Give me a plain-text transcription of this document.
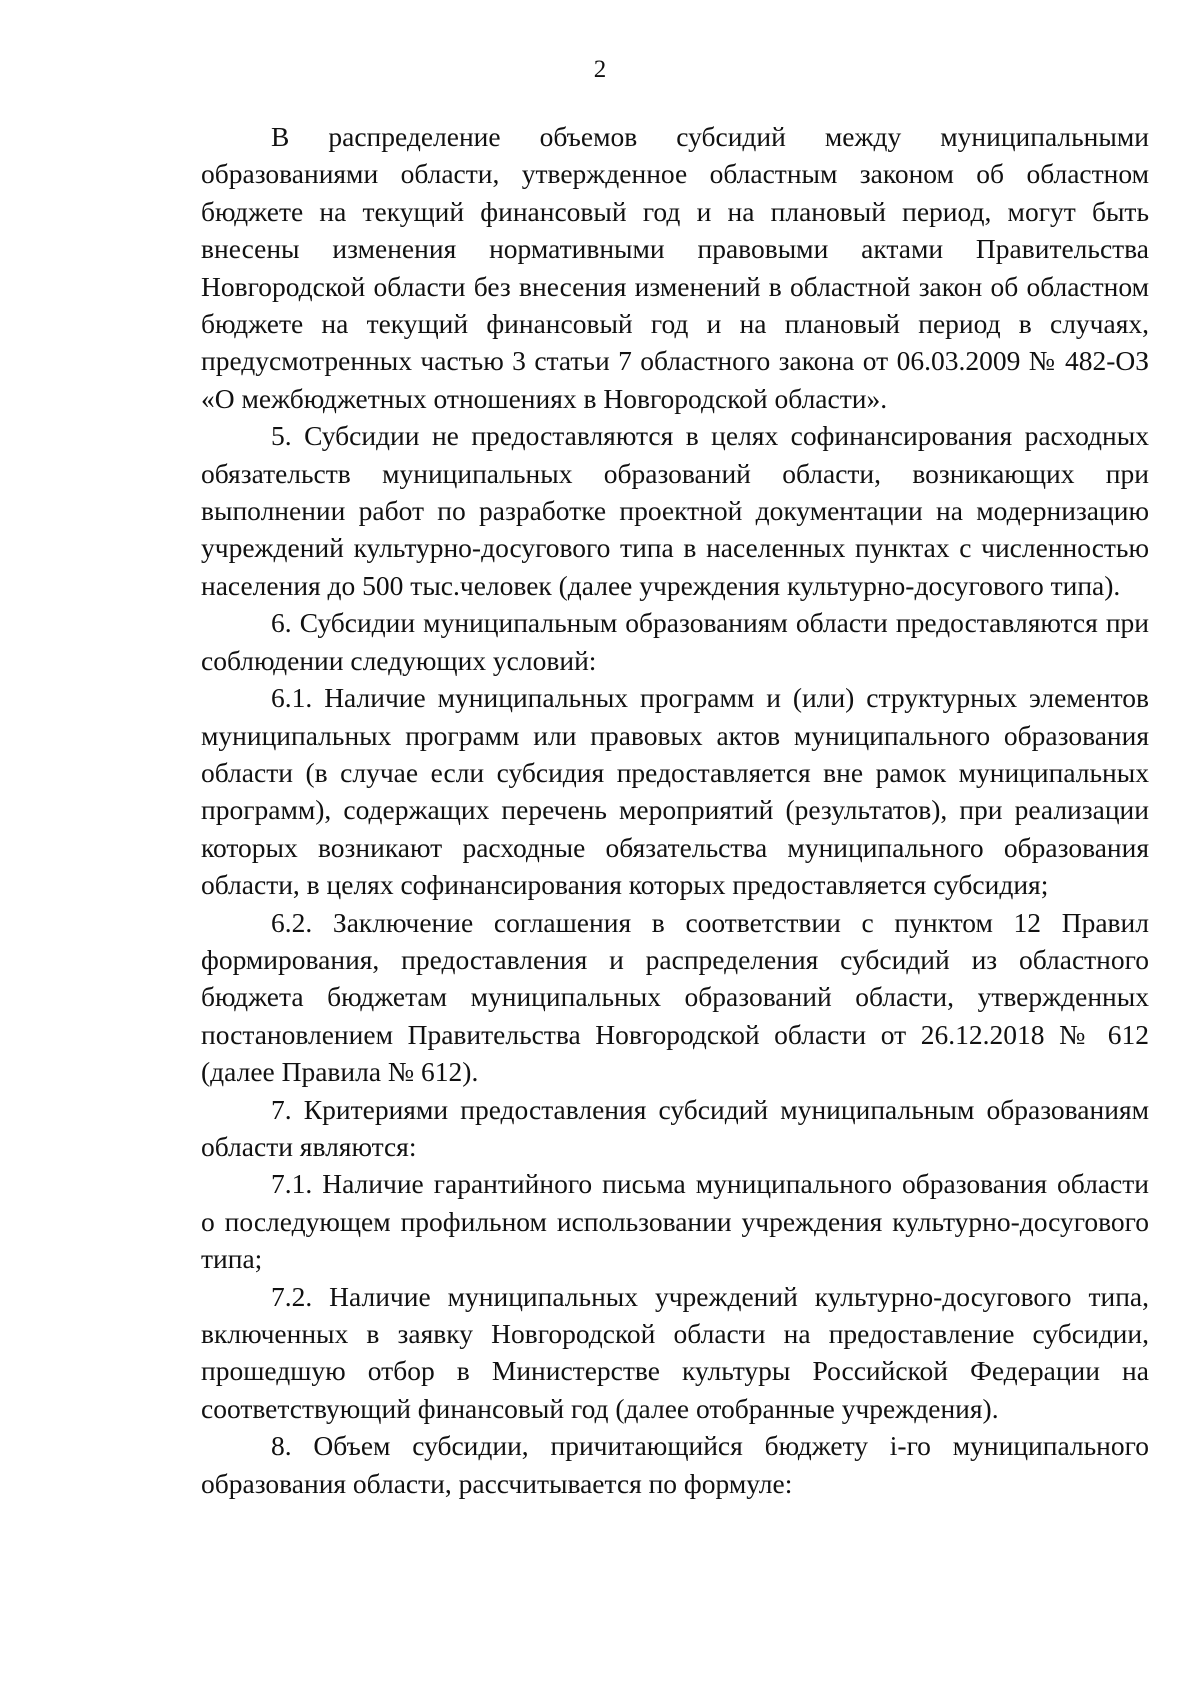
2

В распределение объемов субсидий между муниципальными образованиями области, утвержденное областным законом об областном бюджете на текущий финансовый год и на плановый период, могут быть внесены изменения нормативными правовыми актами Правительства Новгородской области без внесения изменений в областной закон об областном бюджете на текущий финансовый год и на плановый период в случаях, предусмотренных частью 3 статьи 7 областного закона от 06.03.2009 № 482-ОЗ «О межбюджетных отношениях в Новгородской области».

5. Субсидии не предоставляются в целях софинансирования расходных обязательств муниципальных образований области, возникающих при выполнении работ по разработке проектной документации на модернизацию учреждений культурно-досугового типа в населенных пунктах с численностью населения до 500 тыс.человек (далее учреждения культурно-досугового типа).

6. Субсидии муниципальным образованиям области предоставляются при соблюдении следующих условий:

6.1. Наличие муниципальных программ и (или) структурных элементов муниципальных программ или правовых актов муниципального образования области (в случае если субсидия предоставляется вне рамок муниципальных программ), содержащих перечень мероприятий (результатов), при реализации которых возникают расходные обязательства муниципального образования области, в целях софинансирования которых предоставляется субсидия;

6.2. Заключение соглашения в соответствии с пунктом 12 Правил формирования, предоставления и распределения субсидий из областного бюджета бюджетам муниципальных образований области, утвержденных постановлением Правительства Новгородской области от 26.12.2018 № 612 (далее Правила № 612).

7. Критериями предоставления субсидий муниципальным образованиям области являются:

7.1. Наличие гарантийного письма муниципального образования области о последующем профильном использовании учреждения культурно-досугового типа;

7.2. Наличие муниципальных учреждений культурно-досугового типа, включенных в заявку Новгородской области на предоставление субсидии, прошедшую отбор в Министерстве культуры Российской Федерации на соответствующий финансовый год (далее отобранные учреждения).

8. Объем субсидии, причитающийся бюджету i-го муниципального образования области, рассчитывается по формуле:
